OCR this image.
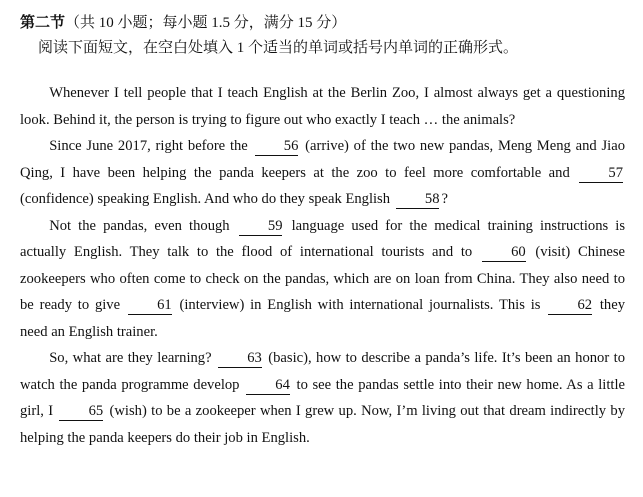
第二节（共 10 小题；每小题 1.5 分，满分 15 分）

阅读下面短文，在空白处填入 1 个适当的单词或括号内单词的正确形式。

Whenever I tell people that I teach English at the Berlin Zoo, I almost always get a questioning look. Behind it, the person is trying to figure out who exactly I teach … the animals?

Since June 2017, right before the 56 (arrive) of the two new pandas, Meng Meng and Jiao Qing, I have been helping the panda keepers at the zoo to feel more comfortable and	57 (confidence) speaking English. And who do they speak English 58 ?

Not the pandas, even though	59 language used for the medical training instructions is actually English. They talk to the flood of international tourists and to	60 (visit) Chinese zookeepers who often come to check on the pandas, which are on loan from China. They also need to be ready to give	61 (interview) in English with international journalists. This is	62 they need an English trainer.

So, what are they learning? 63 (basic), how to describe a panda’s life. It’s been an honor to watch the panda programme develop 64 to see the pandas settle into their new home. As a little girl, I 65 (wish) to be a zookeeper when I grew up. Now, I’m living out that dream indirectly by helping the panda keepers do their job in English.
